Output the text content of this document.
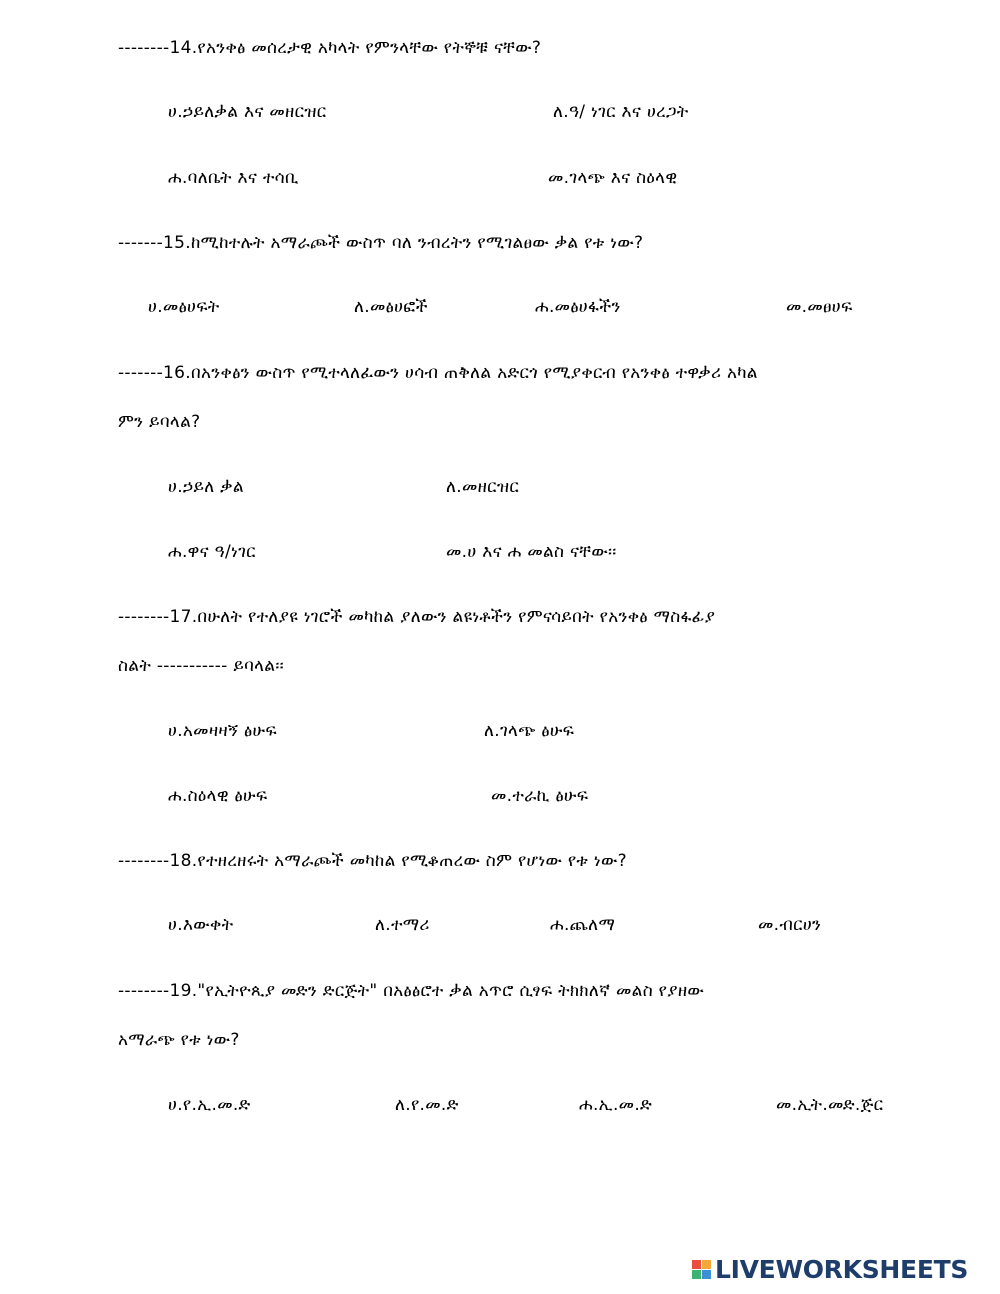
--------14.የአንቀፅ መሰረታዊ አካላት የምንላቸው የትኞቹ ናቸው?
ሀ.ኃይለቃል እና መዘርዝር	ለ.ዓ/ ነገር እና ሀረጋት
ሐ.ባለቤት እና ተሳቢ	መ.ገላጭ እና ስዕላዊ
-------15.ከሚከተሉት አማራጮች ውስጥ ባለ ንብረትን የሚገልፀው ቃል የቱ ነው?
ሀ.መፅሀፍት	ለ.መፅሀፎች	ሐ.መፅሀፋችን	መ.መፀሀፍ
-------16.በአንቀፅን ውስጥ የሚተላለፈውን ሀሳብ ጠቅለል አድርጎ የሚያቀርብ የአንቀፅ ተዋቃሪ አካል
ምን ይባላል?
ሀ.ኃይለ ቃል	ለ.መዘርዝር
ሐ.ዋና ዓ/ነገር	መ.ሀ እና ሐ መልስ ናቸው፡፡
--------17.በሁለት የተለያዩ ነገሮች መካከል ያለውን ልዩነቶችን የምናሳይበት የአንቀፅ ማስፋፊያ
ስልት ----------- ይባላል፡፡
ሀ.አመዛዛኝ ፅሁፍ	ለ.ገላጭ ፅሁፍ
ሐ.ስዕላዊ ፅሁፍ	መ.ተራኪ ፅሁፍ
--------18.የተዘረዘሩት አማራጮች መካከል የሚቆጠረው ስም የሆነው የቱ ነው?
ሀ.እውቀት	ለ.ተማሪ	ሐ.ጨለማ	መ.ብርሀን
--------19."የኢትዮጲያ መድን ድርጅት" በአፅፅሮተ ቃል አጥሮ ሲፃፍ ትክክለኛ መልስ የያዘው
አማራጭ የቱ ነው?
ሀ.የ.ኢ.መ.ድ	ለ.የ.መ.ድ	ሐ.ኢ.መ.ድ	መ.ኢት.መድ.ጅር
LIVEWORKSHEETS
